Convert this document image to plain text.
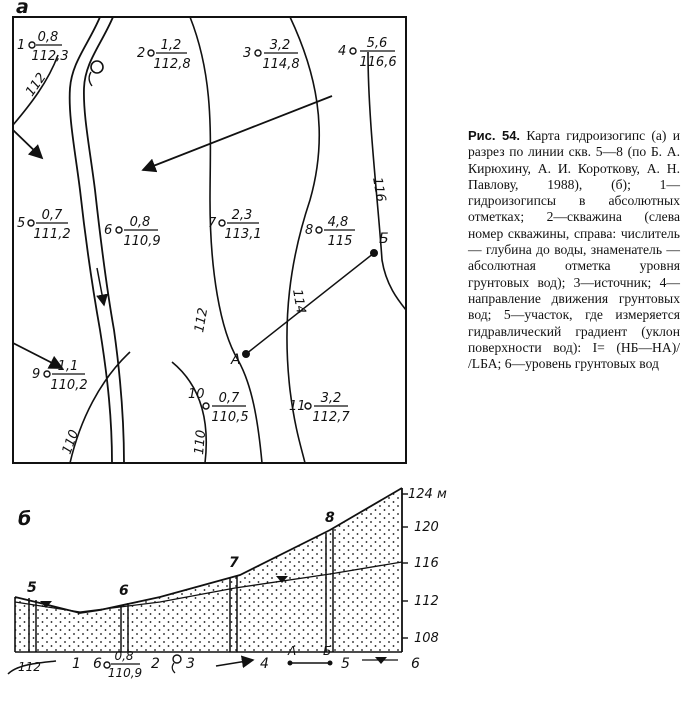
а
112
116
112
114
110	110
А
Б
1
0,8
112,3	2
1,2
112,8
3
3,2
114,8
4
5,6
116,6
5
0,7
111,2	6
0,8
110,9
7
2,3
113,1	8
4,8
115
9
1,1
110,2
10 0,7
110,5
11
3,2
112,7
б
5	6
7
8
124 м
120
116
112
108
112 1 6 0,8
110,9
2 3	4
А Б
5	6
Рис. 54. Карта гидроизогипс (а) и разрез по линии скв. 5—8 (по Б. А. Кирюхину, А. И. Короткову, А. Н. Павлову, 1988), (б); 1—гидроизогипсы в абсолютных отметках; 2—скважина (слева номер скважины, справа: числитель — глубина до воды, знаменатель — абсолютная отметка уровня грунтовых вод); 3—источник; 4—направление движения грунтовых вод; 5—участок, где измеряется гидравлический градиент (уклон поверхности вод): I= (HБ—HА)/ /LБА; 6—уровень грунтовых вод
